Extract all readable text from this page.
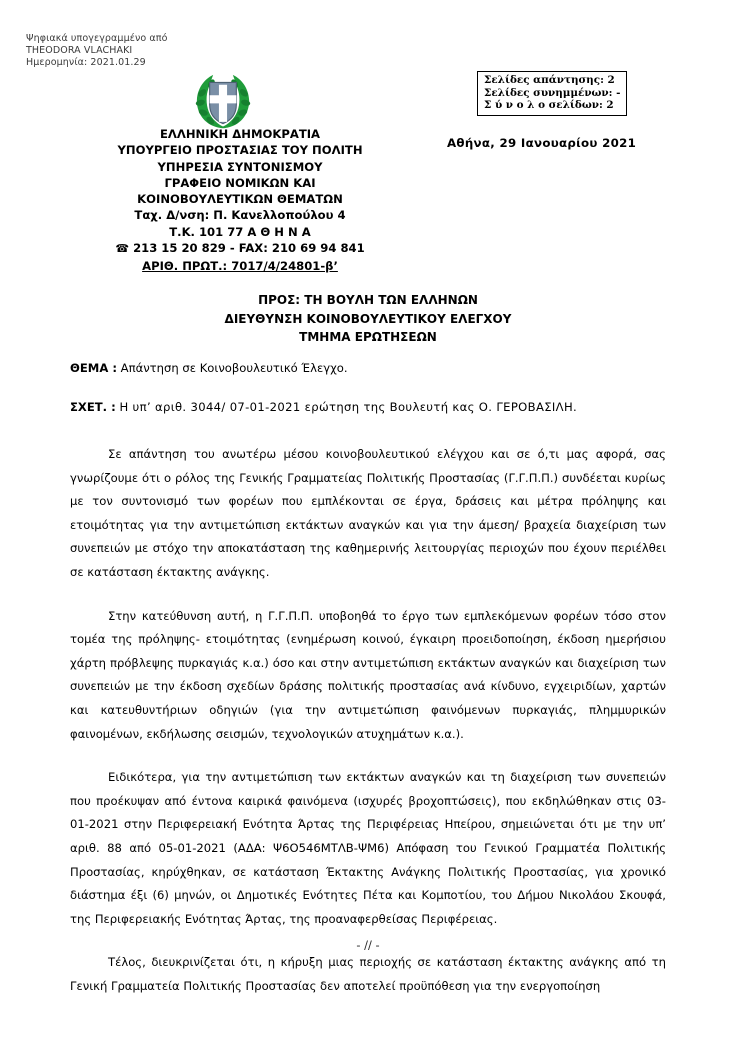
Ψηφιακά υπογεγραμμένο από
THEODORA VLACHAKI
Ημερομηνία: 2021.01.29
Σελίδες απάντησης: 2
Σελίδες συνημμένων: -
Σ ύ ν ο λ ο σελίδων: 2
ΕΛΛΗΝΙΚΗ ΔΗΜΟΚΡΑΤΙΑ
ΥΠΟΥΡΓΕΙΟ ΠΡΟΣΤΑΣΙΑΣ ΤΟΥ ΠΟΛΙΤΗ
ΥΠΗΡΕΣΙΑ ΣΥΝΤΟΝΙΣΜΟΥ
ΓΡΑΦΕΙΟ ΝΟΜΙΚΩΝ ΚΑΙ
ΚΟΙΝΟΒΟΥΛΕΥΤΙΚΩΝ ΘΕΜΑΤΩΝ
Ταχ. Δ/νση: Π. Κανελλοπούλου 4
Τ.Κ. 101 77 Α Θ Η Ν Α
☎ 213 15 20 829 - FAX: 210 69 94 841
ΑΡΙΘ. ΠΡΩΤ.: 7017/4/24801-β’
Αθήνα, 29 Ιανουαρίου 2021
ΠΡΟΣ: ΤΗ ΒΟΥΛΗ ΤΩΝ ΕΛΛΗΝΩΝ
ΔΙΕΥΘΥΝΣΗ ΚΟΙΝΟΒΟΥΛΕΥΤΙΚΟΥ ΕΛΕΓΧΟΥ
ΤΜΗΜΑ ΕΡΩΤΗΣΕΩΝ
ΘΕΜΑ : Απάντηση σε Κοινοβουλευτικό Έλεγχο.
ΣΧΕΤ. : Η υπ’ αριθ. 3044/ 07-01-2021 ερώτηση της Βουλευτή κας Ο. ΓΕΡΟΒΑΣΙΛΗ.

Σε απάντηση του ανωτέρω μέσου κοινοβουλευτικού ελέγχου και σε ό,τι μας αφορά, σας γνωρίζουμε ότι ο ρόλος της Γενικής Γραμματείας Πολιτικής Προστασίας (Γ.Γ.Π.Π.) συνδέεται κυρίως με τον συντονισμό των φορέων που εμπλέκονται σε έργα, δράσεις και μέτρα πρόληψης και ετοιμότητας για την αντιμετώπιση εκτάκτων αναγκών και για την άμεση/ βραχεία διαχείριση των συνεπειών με στόχο την αποκατάσταση της καθημερινής λειτουργίας περιοχών που έχουν περιέλθει σε κατάσταση έκτακτης ανάγκης.

Στην κατεύθυνση αυτή, η Γ.Γ.Π.Π. υποβοηθά το έργο των εμπλεκόμενων φορέων τόσο στον τομέα της πρόληψης- ετοιμότητας (ενημέρωση κοινού, έγκαιρη προειδοποίηση, έκδοση ημερήσιου χάρτη πρόβλεψης πυρκαγιάς κ.α.) όσο και στην αντιμετώπιση εκτάκτων αναγκών και διαχείριση των συνεπειών με την έκδοση σχεδίων δράσης πολιτικής προστασίας ανά κίνδυνο, εγχειριδίων, χαρτών και κατευθυντήριων οδηγιών (για την αντιμετώπιση φαινόμενων πυρκαγιάς, πλημμυρικών φαινομένων, εκδήλωσης σεισμών, τεχνολογικών ατυχημάτων κ.α.).

Ειδικότερα, για την αντιμετώπιση των εκτάκτων αναγκών και τη διαχείριση των συνεπειών που προέκυψαν από έντονα καιρικά φαινόμενα (ισχυρές βροχοπτώσεις), που εκδηλώθηκαν στις 03-01-2021 στην Περιφερειακή Ενότητα Άρτας της Περιφέρειας Ηπείρου, σημειώνεται ότι με την υπ’ αριθ. 88 από 05-01-2021 (ΑΔΑ: Ψ6Ο546ΜΤΛΒ-ΨΜ6) Απόφαση του Γενικού Γραμματέα Πολιτικής Προστασίας, κηρύχθηκαν, σε κατάσταση Έκτακτης Ανάγκης Πολιτικής Προστασίας, για χρονικό διάστημα έξι (6) μηνών, οι Δημοτικές Ενότητες Πέτα και Κομποτίου, του Δήμου Νικολάου Σκουφά, της Περιφερειακής Ενότητας Άρτας, της προαναφερθείσας Περιφέρειας.

Τέλος, διευκρινίζεται ότι, η κήρυξη μιας περιοχής σε κατάσταση έκτακτης ανάγκης από τη Γενική Γραμματεία Πολιτικής Προστασίας δεν αποτελεί προϋπόθεση για την ενεργοποίηση

- // -
